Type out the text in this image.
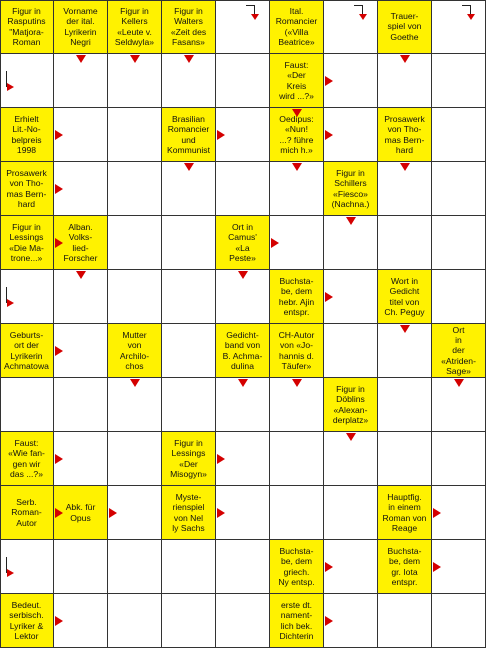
Figur in
Rasputins
"Matjora-
Roman
Vorname
der ital.
Lyrikerin
Negri
Figur in
Kellers
«Leute v.
Seldwyla»
Figur in
Walters
«Zeit des
Fasans»
Ital.
Romancier
(«Villa
Beatrice»
Trauer-
spiel von
Goethe
Faust:
«Der
Kreis
wird ...?»
Erhielt
Lit.-No-
belpreis
1998
Brasilian
Romancier
und
Kommunist
Oedipus:
«Nun!
...? führe
mich h.»
Prosawerk
von Tho-
mas Bern-
hard
Prosawerk
von Tho-
mas Bern-
hard
Figur in
Schillers
«Fiesco»
(Nachna.)
Figur in
Lessings
«Die Ma-
trone...»
Alban.
Volks-
lied-
Forscher
Ort in
Camus'
«La
Peste»
Buchsta-
be, dem
hebr. Ajin
entspr.
Wort in
Gedicht
titel von
Ch. Peguy
Geburts-
ort der
Lyrikerin
Achmatowa
Mutter
von
Archilo-
chos
Gedicht-
band von
B. Achma-
dulina
CH-Autor
von «Jo-
hannis d.
Täufer»
Ort
in
der
«Atriden-
Sage»
Figur in
Döblins
«Alexan-
derplatz»
Faust:
«Wie fan-
gen wir
das ...?»
Figur in
Lessings
«Der
Misogyn»
Serb.
Roman-
Autor
Abk. für
Opus
Myste-
rienspiel
von Nel
ly Sachs
Hauptfig.
in einem
Roman von
Reage
Buchsta-
be, dem
griech.
Ny entsp.
Buchsta-
be, dem
gr. Iota
entspr.
Bedeut.
serbisch.
Lyriker &
Lektor
erste dt.
nament-
lich bek.
Dichterin
